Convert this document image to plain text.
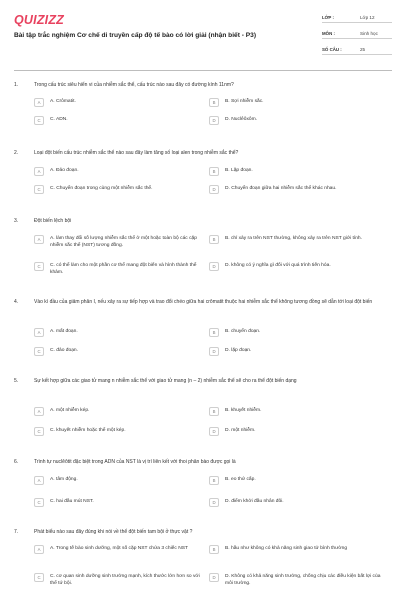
QUIZIZZ
Bài tập trắc nghiệm Cơ chế di truyền cấp độ tế bào có lời giải (nhận biết - P3)
LỚP :	Lớp 12
MÔN :	Sinh học
SỐ CÂU :	25
1.	Trong cấu trúc siêu hiển vi của nhiễm sắc thể, cấu trúc nào sau đây có đường kính 11nm?
A	A. Crômatit.	B	B. Sợi nhiễm sắc.
C	C. ADN.	D	D. Nuclêôxôm.
2.	Loại đột biến cấu trúc nhiễm sắc thể nào sau đây làm tăng số loại alen trong nhiễm sắc thể?
A	A. Đảo đoạn.	B	B. Lặp đoạn.
C	C. Chuyển đoạn trong cùng một nhiễm sắc thể.	D	D. Chuyển đoạn giữa hai nhiễm sắc thể khác nhau.
3.	Đột biến lệch bội
A	A. làm thay đổi số lượng nhiễm sắc thể ở một hoặc toàn bộ các cặp nhiễm sắc thể (NST) tương đồng.
B	B. chỉ xảy ra trên NST thường, không xảy ra trên NST giới tính.
C	C. có thể làm cho một phần cơ thể mang đột biến và hình thành thể khảm.
D	D. không có ý nghĩa gì đối với quá trình tiến hóa.
4.	Vào kì đầu của giảm phân I, nếu xảy ra sự tiếp hợp và trao đổi chéo giữa hai crômatit thuộc hai nhiễm sắc thể không tương đồng sẽ dẫn tới loại đột biến
A	A. mất đoạn.	B	B. chuyển đoạn.
C	C. đảo đoạn.	D	D. lặp đoạn.
5.	Sự kết hợp giữa các giao tử mang n nhiễm sắc thể với giao tử mang (n – 2) nhiễm sắc thể sẽ cho ra thể đột biến dạng
A	A. một nhiễm kép.	B	B. khuyết nhiễm.
C	C. khuyết nhiễm hoặc thể một kép.	D	D. một nhiễm.
6.	Trình tự nuclêôtit đặc biệt trong ADN của NST là vị trí liên kết với thoi phân bào được gọi là
A	A. tâm động.	B	B. eo thứ cấp.
C	C. hai đầu mút NST.	D	D. điểm khởi đầu nhân đôi.
7.	Phát biểu nào sau đây đúng khi nói về thể đột biến tam bội ở thực vật ?
A	A. Trong tế bào sinh dưỡng, một số cặp NST chứa 3 chiếc NST	B	B. hầu như không có khả năng sinh giao tử bình thường
C	C. cơ quan sinh dưỡng sinh trưởng mạnh, kích thước lớn hơn so với thể tứ bội.
D	D. Không có khả năng sinh trưởng, chống chịu các điều kiện bất lợi của môi trường.
